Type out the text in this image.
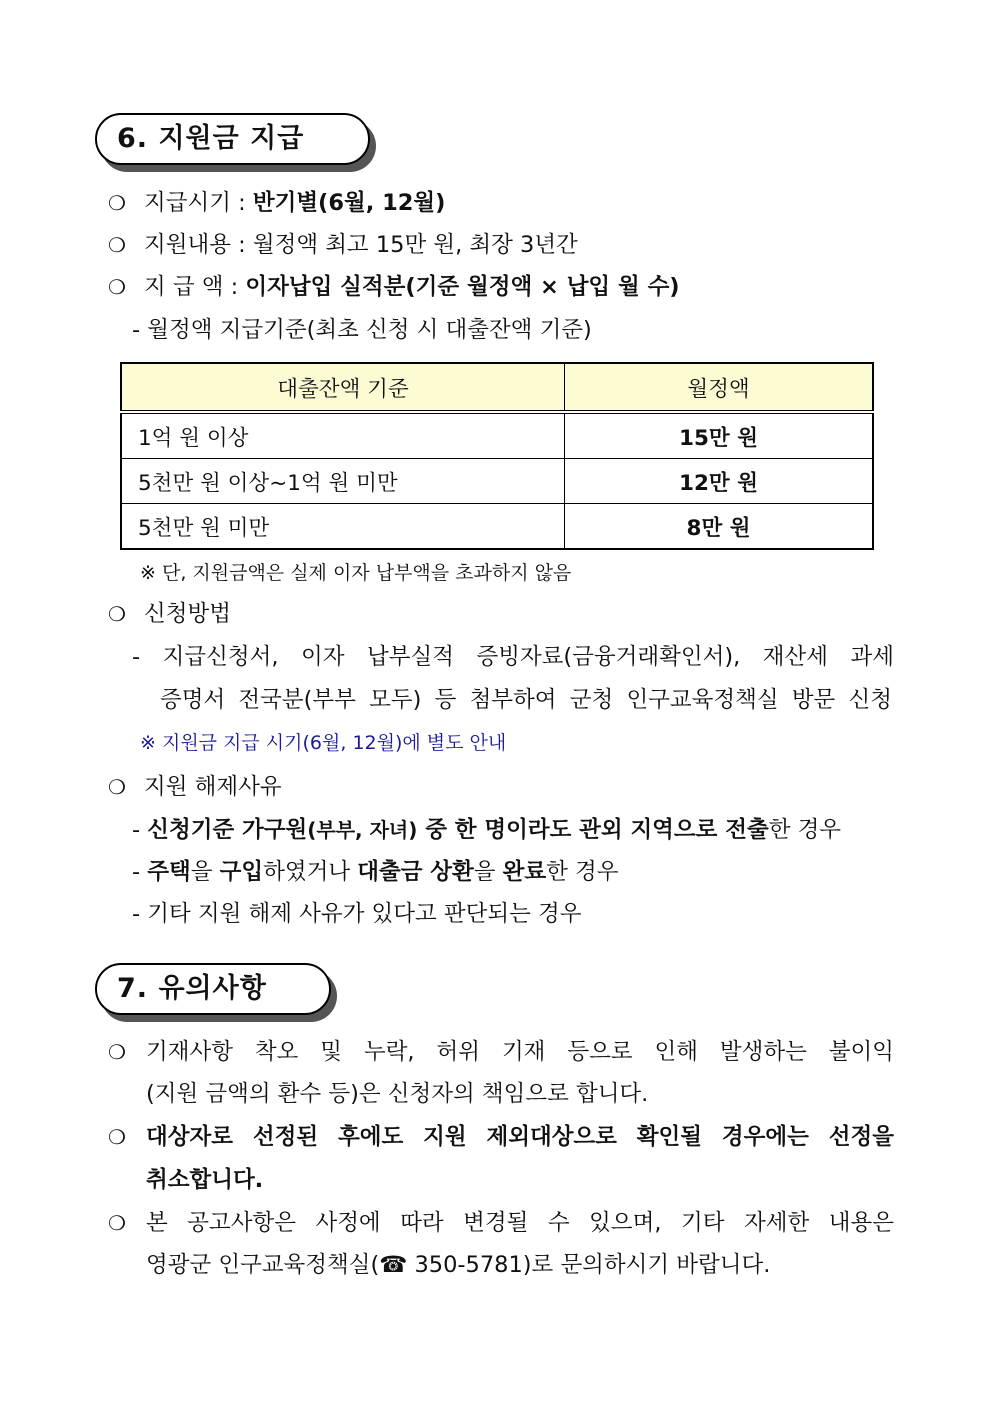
6. 지원금 지급
❍ 지급시기 : 반기별(6월, 12월)
❍ 지원내용 : 월정액 최고 15만 원, 최장 3년간
❍ 지 급 액 : 이자납입 실적분(기준 월정액 × 납입 월 수)
- 월정액 지급기준(최초 신청 시 대출잔액 기준)
대출잔액 기준	월정액
1억 원 이상	15만 원
5천만 원 이상~1억 원 미만	12만 원
5천만 원 미만	8만 원
※ 단, 지원금액은 실제 이자 납부액을 초과하지 않음
❍ 신청방법
- 지급신청서, 이자 납부실적 증빙자료(금융거래확인서), 재산세 과세
증명서 전국분(부부 모두) 등 첨부하여 군청 인구교육정책실 방문 신청
※ 지원금 지급 시기(6월, 12월)에 별도 안내
❍ 지원 해제사유
- 신청기준 가구원(부부, 자녀) 중 한 명이라도 관외 지역으로 전출한 경우
- 주택을 구입하였거나 대출금 상환을 완료한 경우
- 기타 지원 해제 사유가 있다고 판단되는 경우
7. 유의사항
❍ 기재사항 착오 및 누락, 허위 기재 등으로 인해 발생하는 불이익
(지원 금액의 환수 등)은 신청자의 책임으로 합니다.
❍ 대상자로 선정된 후에도 지원 제외대상으로 확인될 경우에는 선정을
취소합니다.
❍ 본 공고사항은 사정에 따라 변경될 수 있으며, 기타 자세한 내용은
영광군 인구교육정책실(☎ 350-5781)로 문의하시기 바랍니다.
